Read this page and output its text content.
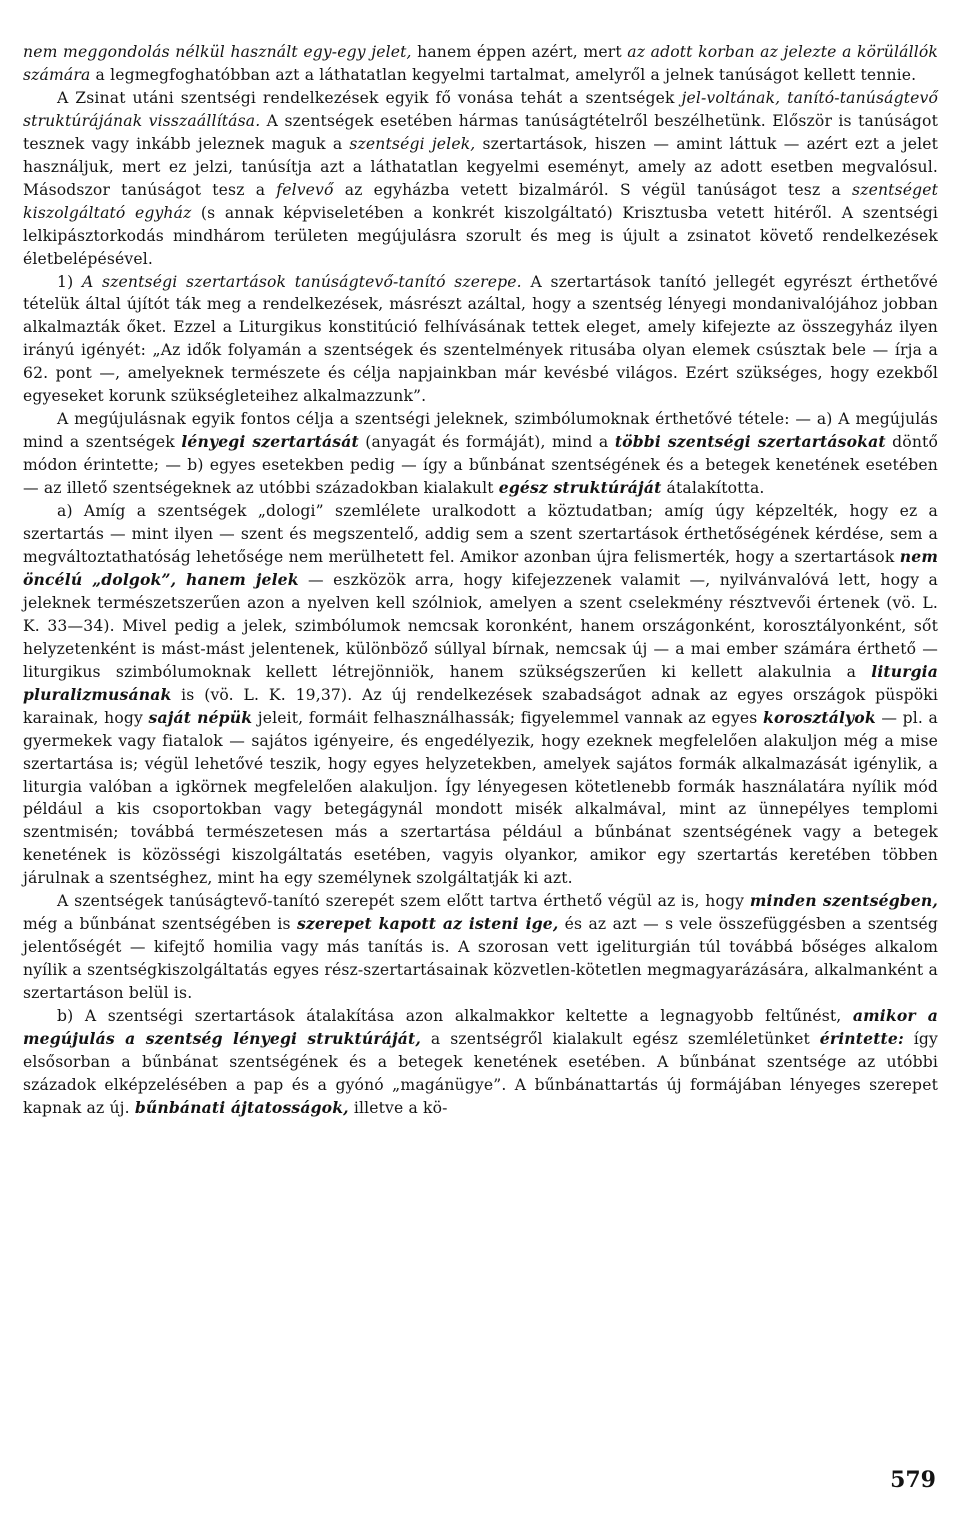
nem meggondolás nélkül használt egy-egy jelet, hanem éppen azért, mert az adott korban az jelezte a körülállók számára a legmegfoghatóbban azt a láthatatlan kegyelmi tartalmat, amelyről a jelnek tanúságot kellett tennie.

A Zsinat utáni szentségi rendelkezések egyik fő vonása tehát a szentségek jel-voltának, tanító-tanúságtevő struktúrájának visszaállítása. A szentségek esetében hármas tanúságtételről beszélhetünk. Először is tanúságot tesznek vagy inkább jeleznek maguk a szentségi jelek, szertartások, hiszen — amint láttuk — azért ezt a jelet használjuk, mert ez jelzi, tanúsítja azt a láthatatlan kegyelmi eseményt, amely az adott esetben megvalósul. Másodszor tanúságot tesz a felvevő az egyházba vetett bizalmáról. S végül tanúságot tesz a szentséget kiszolgáltató egyház (s annak képviseletében a konkrét kiszolgáltató) Krisztusba vetett hitéről. A szentségi lelkipásztorkodás mindhárom területen megújulásra szorult és meg is újult a zsinatot követő rendelkezések életbelépésével.

1) A szentségi szertartások tanúságtevő-tanító szerepe. A szertartások tanító jellegét egyrészt érthetővé tételük által újítót ták meg a rendelkezések, másrészt azáltal, hogy a szentség lényegi mondanivalójához jobban alkalmazták őket. Ezzel a Liturgikus konstitúció felhívásának tettek eleget, amely kifejezte az összegyház ilyen irányú igényét: „Az idők folyamán a szentségek és szentelmények ritusába olyan elemek csúsztak bele — írja a 62. pont —, amelyeknek természete és célja napjainkban már kevésbé világos. Ezért szükséges, hogy ezekből egyeseket korunk szükségleteihez alkalmazzunk”.

A megújulásnak egyik fontos célja a szentségi jeleknek, szimbólumoknak érthetővé tétele: — a) A megújulás mind a szentségek lényegi szertartását (anyagát és formáját), mind a többi szentségi szertartásokat döntő módon érintette; — b) egyes esetekben pedig — így a bűnbánat szentségének és a betegek kenetének esetében — az illető szentségeknek az utóbbi századokban kialakult egész struktúráját átalakította.

a) Amíg a szentségek „dologi” szemlélete uralkodott a köztudatban; amíg úgy képzelték, hogy ez a szertartás — mint ilyen — szent és megszentelő, addig sem a szent szertartások érthetőségének kérdése, sem a megváltoztathatóság lehetősége nem merülhetett fel. Amikor azonban újra felismerték, hogy a szertartások nem öncélú „dolgok”, hanem jelek — eszközök arra, hogy kifejezzenek valamit —, nyilvánvalóvá lett, hogy a jeleknek természetszerűen azon a nyelven kell szólniok, amelyen a szent cselekmény résztvevői értenek (vö. L. K. 33—34). Mivel pedig a jelek, szimbólumok nemcsak koronként, hanem országonként, korosztályonként, sőt helyzetenként is mást-mást jelentenek, különböző súllyal bírnak, nemcsak új — a mai ember számára érthető — liturgikus szimbólumoknak kellett létrejönniök, hanem szükségszerűen ki kellett alakulnia a liturgia pluralizmusának is (vö. L. K. 19,37). Az új rendelkezések szabadságot adnak az egyes országok püspöki karainak, hogy saját népük jeleit, formáit felhasználhassák; figyelemmel vannak az egyes korosztályok — pl. a gyermekek vagy fiatalok — sajátos igényeire, és engedélyezik, hogy ezeknek megfelelően alakuljon még a mise szertartása is; végül lehetővé teszik, hogy egyes helyzetekben, amelyek sajátos formák alkalmazását igénylik, a liturgia valóban a igkörnek megfelelően alakuljon. Így lényegesen kötetlenebb formák használatára nyílik mód például a kis csoportokban vagy betegágynál mondott misék alkalmával, mint az ünnepélyes templomi szentmisén; továbbá természetesen más a szertartása például a bűnbánat szentségének vagy a betegek kenetének is közösségi kiszolgáltatás esetében, vagyis olyankor, amikor egy szertartás keretében többen járulnak a szentséghez, mint ha egy személynek szolgáltatják ki azt.

A szentségek tanúságtevő-tanító szerepét szem előtt tartva érthető végül az is, hogy minden szentségben, még a bűnbánat szentségében is szerepet kapott az isteni ige, és az azt — s vele összefüggésben a szentség jelentőségét — kifejtő homilia vagy más tanítás is. A szorosan vett igeliturgián túl továbbá bőséges alkalom nyílik a szentségkiszolgáltatás egyes rész-szertartásainak közvetlen-kötetlen megmagyarázására, alkalmanként a szertartáson belül is.

b) A szentségi szertartások átalakítása azon alkalmakkor keltette a legnagyobb feltűnést, amikor a megújulás a szentség lényegi struktúráját, a szentségről kialakult egész szemléletünket érintette: így elsősorban a bűnbánat szentségének és a betegek kenetének esetében. A bűnbánat szentsége az utóbbi századok elképzelésében a pap és a gyónó „magánügye”. A bűnbánattartás új formájában lényeges szerepet kapnak az új. bűnbánati ájtatosságok, illetve a kö-

579
